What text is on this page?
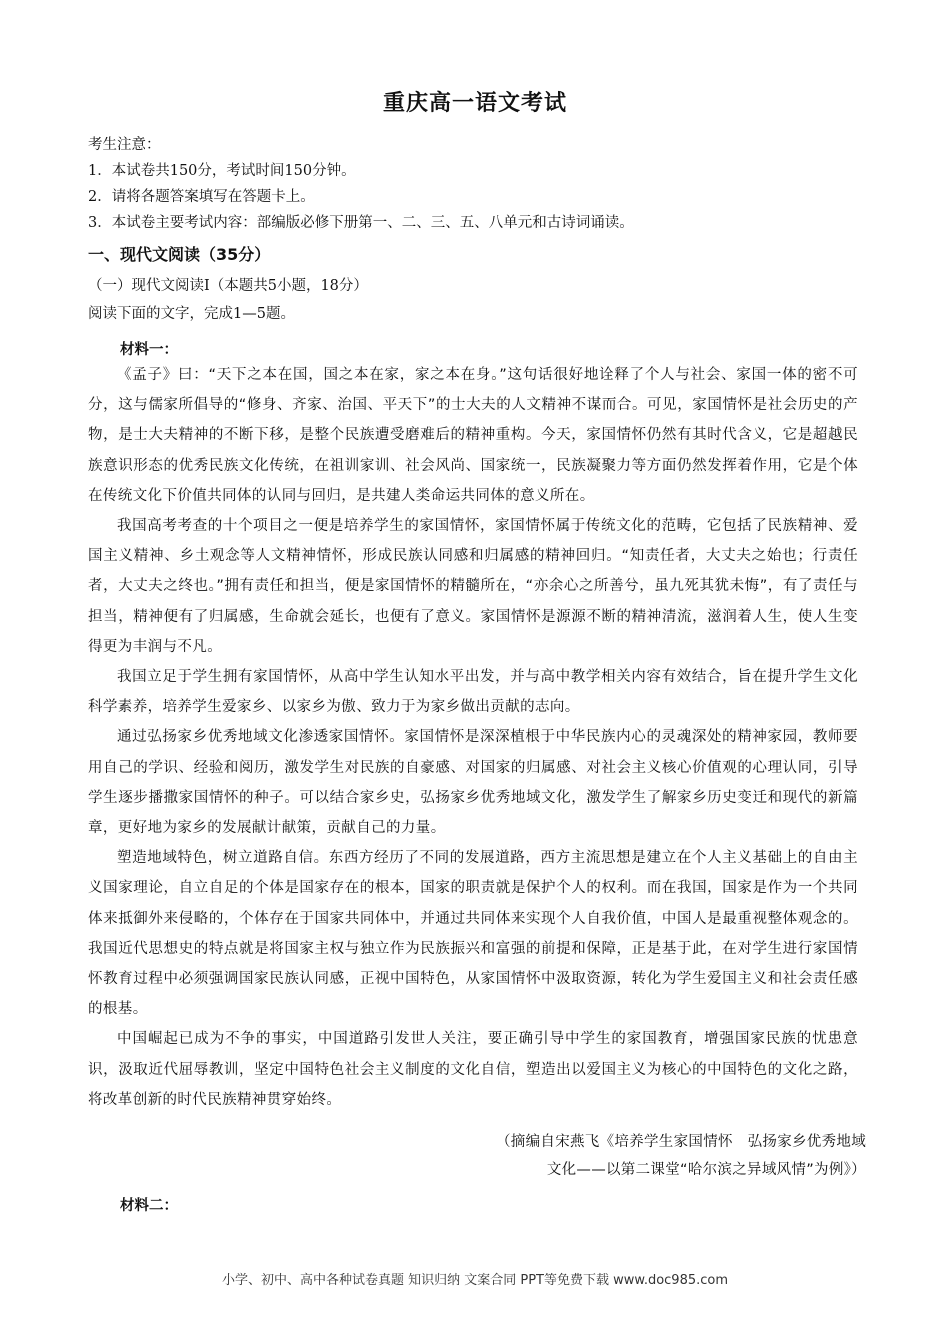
重庆高一语文考试
考生注意：
1．本试卷共150分，考试时间150分钟。
2．请将各题答案填写在答题卡上。
3．本试卷主要考试内容：部编版必修下册第一、二、三、五、八单元和古诗词诵读。
一、现代文阅读（35分）
（一）现代文阅读Ⅰ（本题共5小题，18分）
阅读下面的文字，完成1—5题。
材料一：

《孟子》曰：“天下之本在国，国之本在家，家之本在身。”这句话很好地诠释了个人与社会、家国一体的密不可分，这与儒家所倡导的“修身、齐家、治国、平天下”的士大夫的人文精神不谋而合。可见，家国情怀是社会历史的产物，是士大夫精神的不断下移，是整个民族遭受磨难后的精神重构。今天，家国情怀仍然有其时代含义，它是超越民族意识形态的优秀民族文化传统，在祖训家训、社会风尚、国家统一，民族凝聚力等方面仍然发挥着作用，它是个体在传统文化下价值共同体的认同与回归，是共建人类命运共同体的意义所在。

我国高考考查的十个项目之一便是培养学生的家国情怀，家国情怀属于传统文化的范畴，它包括了民族精神、爱国主义精神、乡土观念等人文精神情怀，形成民族认同感和归属感的精神回归。“知责任者，大丈夫之始也；行责任者，大丈夫之终也。”拥有责任和担当，便是家国情怀的精髓所在，“亦余心之所善兮，虽九死其犹未悔”，有了责任与担当，精神便有了归属感，生命就会延长，也便有了意义。家国情怀是源源不断的精神清流，滋润着人生，使人生变得更为丰润与不凡。

我国立足于学生拥有家国情怀，从高中学生认知水平出发，并与高中教学相关内容有效结合，旨在提升学生文化科学素养，培养学生爱家乡、以家乡为傲、致力于为家乡做出贡献的志向。

通过弘扬家乡优秀地域文化渗透家国情怀。家国情怀是深深植根于中华民族内心的灵魂深处的精神家园，教师要用自己的学识、经验和阅历，激发学生对民族的自豪感、对国家的归属感、对社会主义核心价值观的心理认同，引导学生逐步播撒家国情怀的种子。可以结合家乡史，弘扬家乡优秀地域文化，激发学生了解家乡历史变迁和现代的新篇章，更好地为家乡的发展献计献策，贡献自己的力量。

塑造地域特色，树立道路自信。东西方经历了不同的发展道路，西方主流思想是建立在个人主义基础上的自由主义国家理论，自立自足的个体是国家存在的根本，国家的职责就是保护个人的权利。而在我国，国家是作为一个共同体来抵御外来侵略的，个体存在于国家共同体中，并通过共同体来实现个人自我价值，中国人是最重视整体观念的。我国近代思想史的特点就是将国家主权与独立作为民族振兴和富强的前提和保障，正是基于此，在对学生进行家国情怀教育过程中必须强调国家民族认同感，正视中国特色，从家国情怀中汲取资源，转化为学生爱国主义和社会责任感的根基。

中国崛起已成为不争的事实，中国道路引发世人关注，要正确引导中学生的家国教育，增强国家民族的忧患意识，汲取近代屈辱教训，坚定中国特色社会主义制度的文化自信，塑造出以爱国主义为核心的中国特色的文化之路，将改革创新的时代民族精神贯穿始终。

（摘编自宋燕飞《培养学生家国情怀　弘扬家乡优秀地域
文化——以第二课堂“哈尔滨之异域风情”为例》）
材料二：
小学、初中、高中各种试卷真题 知识归纳 文案合同 PPT等免费下载 www.doc985.com
